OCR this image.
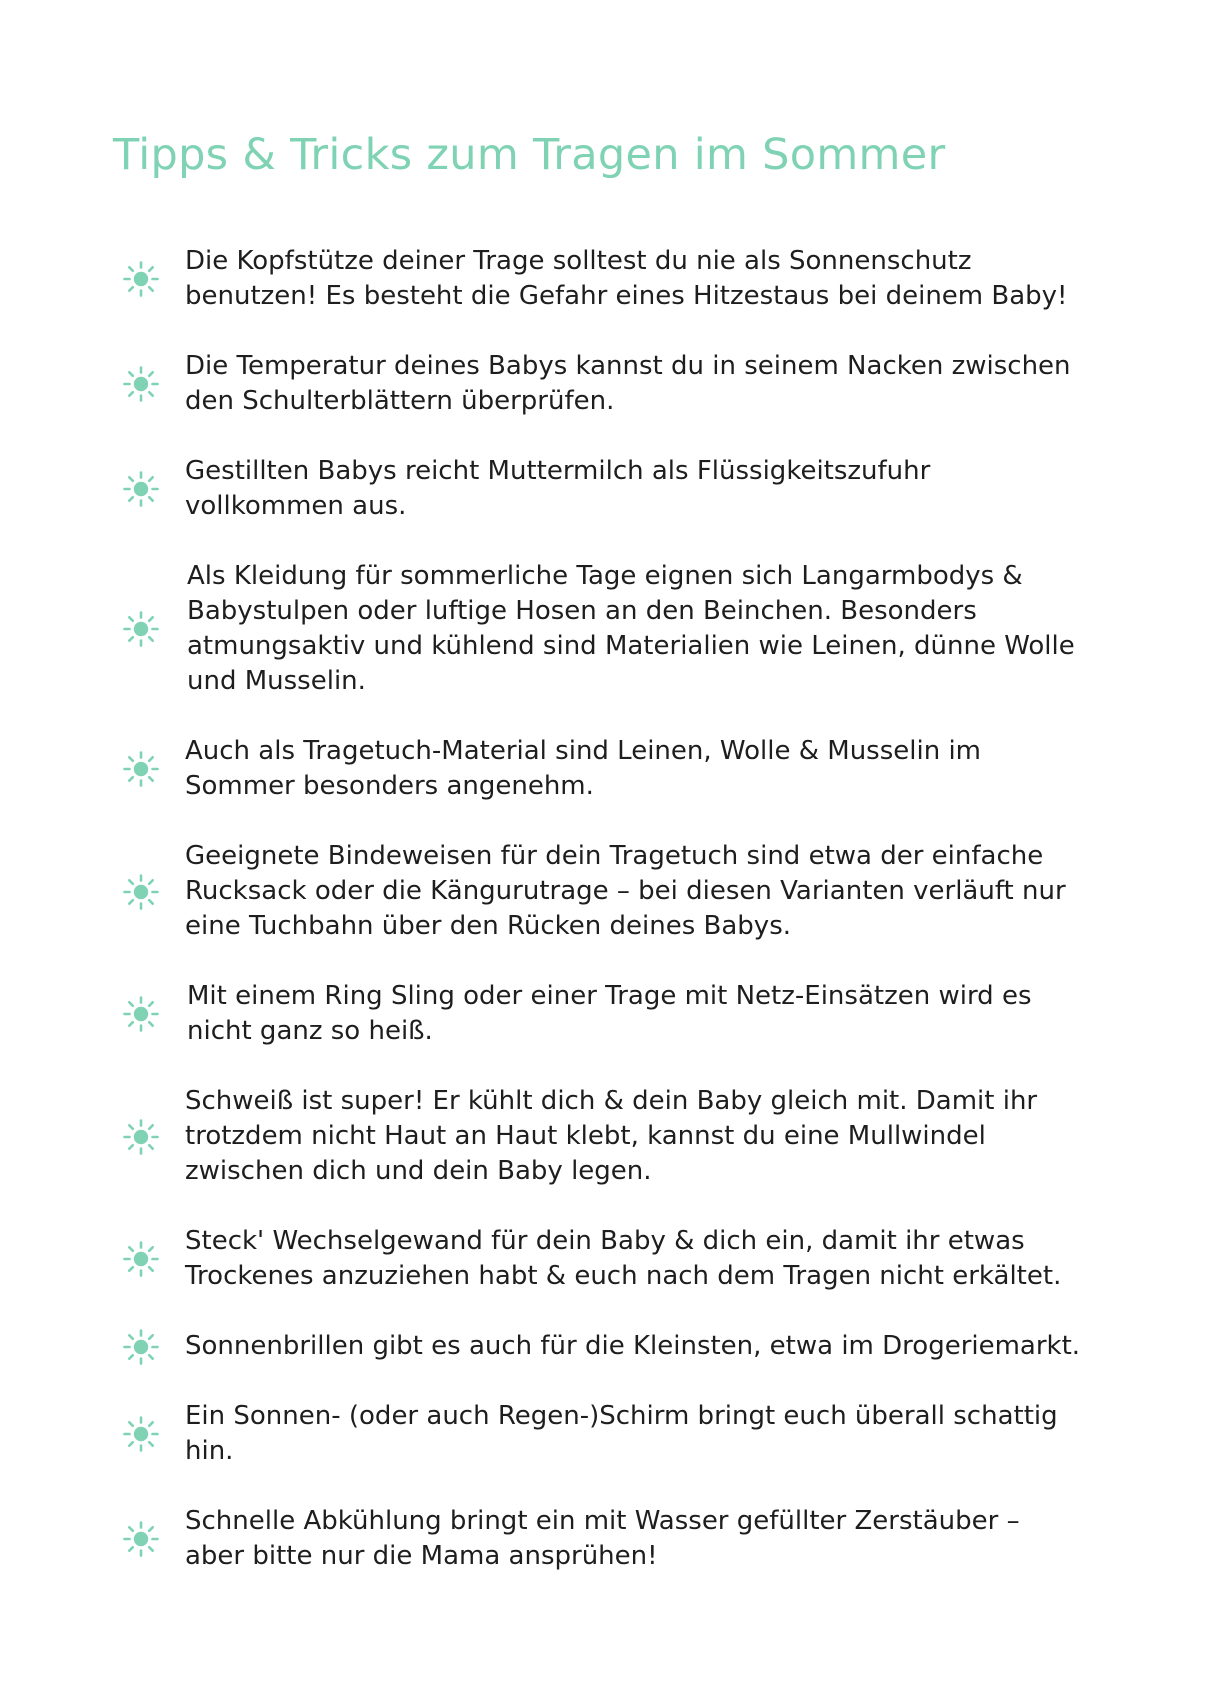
Tipps & Tricks zum Tragen im Sommer
Die Kopfstütze deiner Trage solltest du nie als Sonnenschutz
benutzen! Es besteht die Gefahr eines Hitzestaus bei deinem Baby!
Die Temperatur deines Babys kannst du in seinem Nacken zwischen
den Schulterblättern überprüfen.
Gestillten Babys reicht Muttermilch als Flüssigkeitszufuhr
vollkommen aus.
Als Kleidung für sommerliche Tage eignen sich Langarmbodys &
Babystulpen oder luftige Hosen an den Beinchen. Besonders
atmungsaktiv und kühlend sind Materialien wie Leinen, dünne Wolle
und Musselin.
Auch als Tragetuch-Material sind Leinen, Wolle & Musselin im
Sommer besonders angenehm.
Geeignete Bindeweisen für dein Tragetuch sind etwa der einfache
Rucksack oder die Kängurutrage – bei diesen Varianten verläuft nur
eine Tuchbahn über den Rücken deines Babys.
Mit einem Ring Sling oder einer Trage mit Netz-Einsätzen wird es
nicht ganz so heiß.
Schweiß ist super! Er kühlt dich & dein Baby gleich mit. Damit ihr
trotzdem nicht Haut an Haut klebt, kannst du eine Mullwindel
zwischen dich und dein Baby legen.
Steck' Wechselgewand für dein Baby & dich ein, damit ihr etwas
Trockenes anzuziehen habt & euch nach dem Tragen nicht erkältet.
Sonnenbrillen gibt es auch für die Kleinsten, etwa im Drogeriemarkt.
Ein Sonnen- (oder auch Regen-)Schirm bringt euch überall schattig
hin.
Schnelle Abkühlung bringt ein mit Wasser gefüllter Zerstäuber –
aber bitte nur die Mama ansprühen!
